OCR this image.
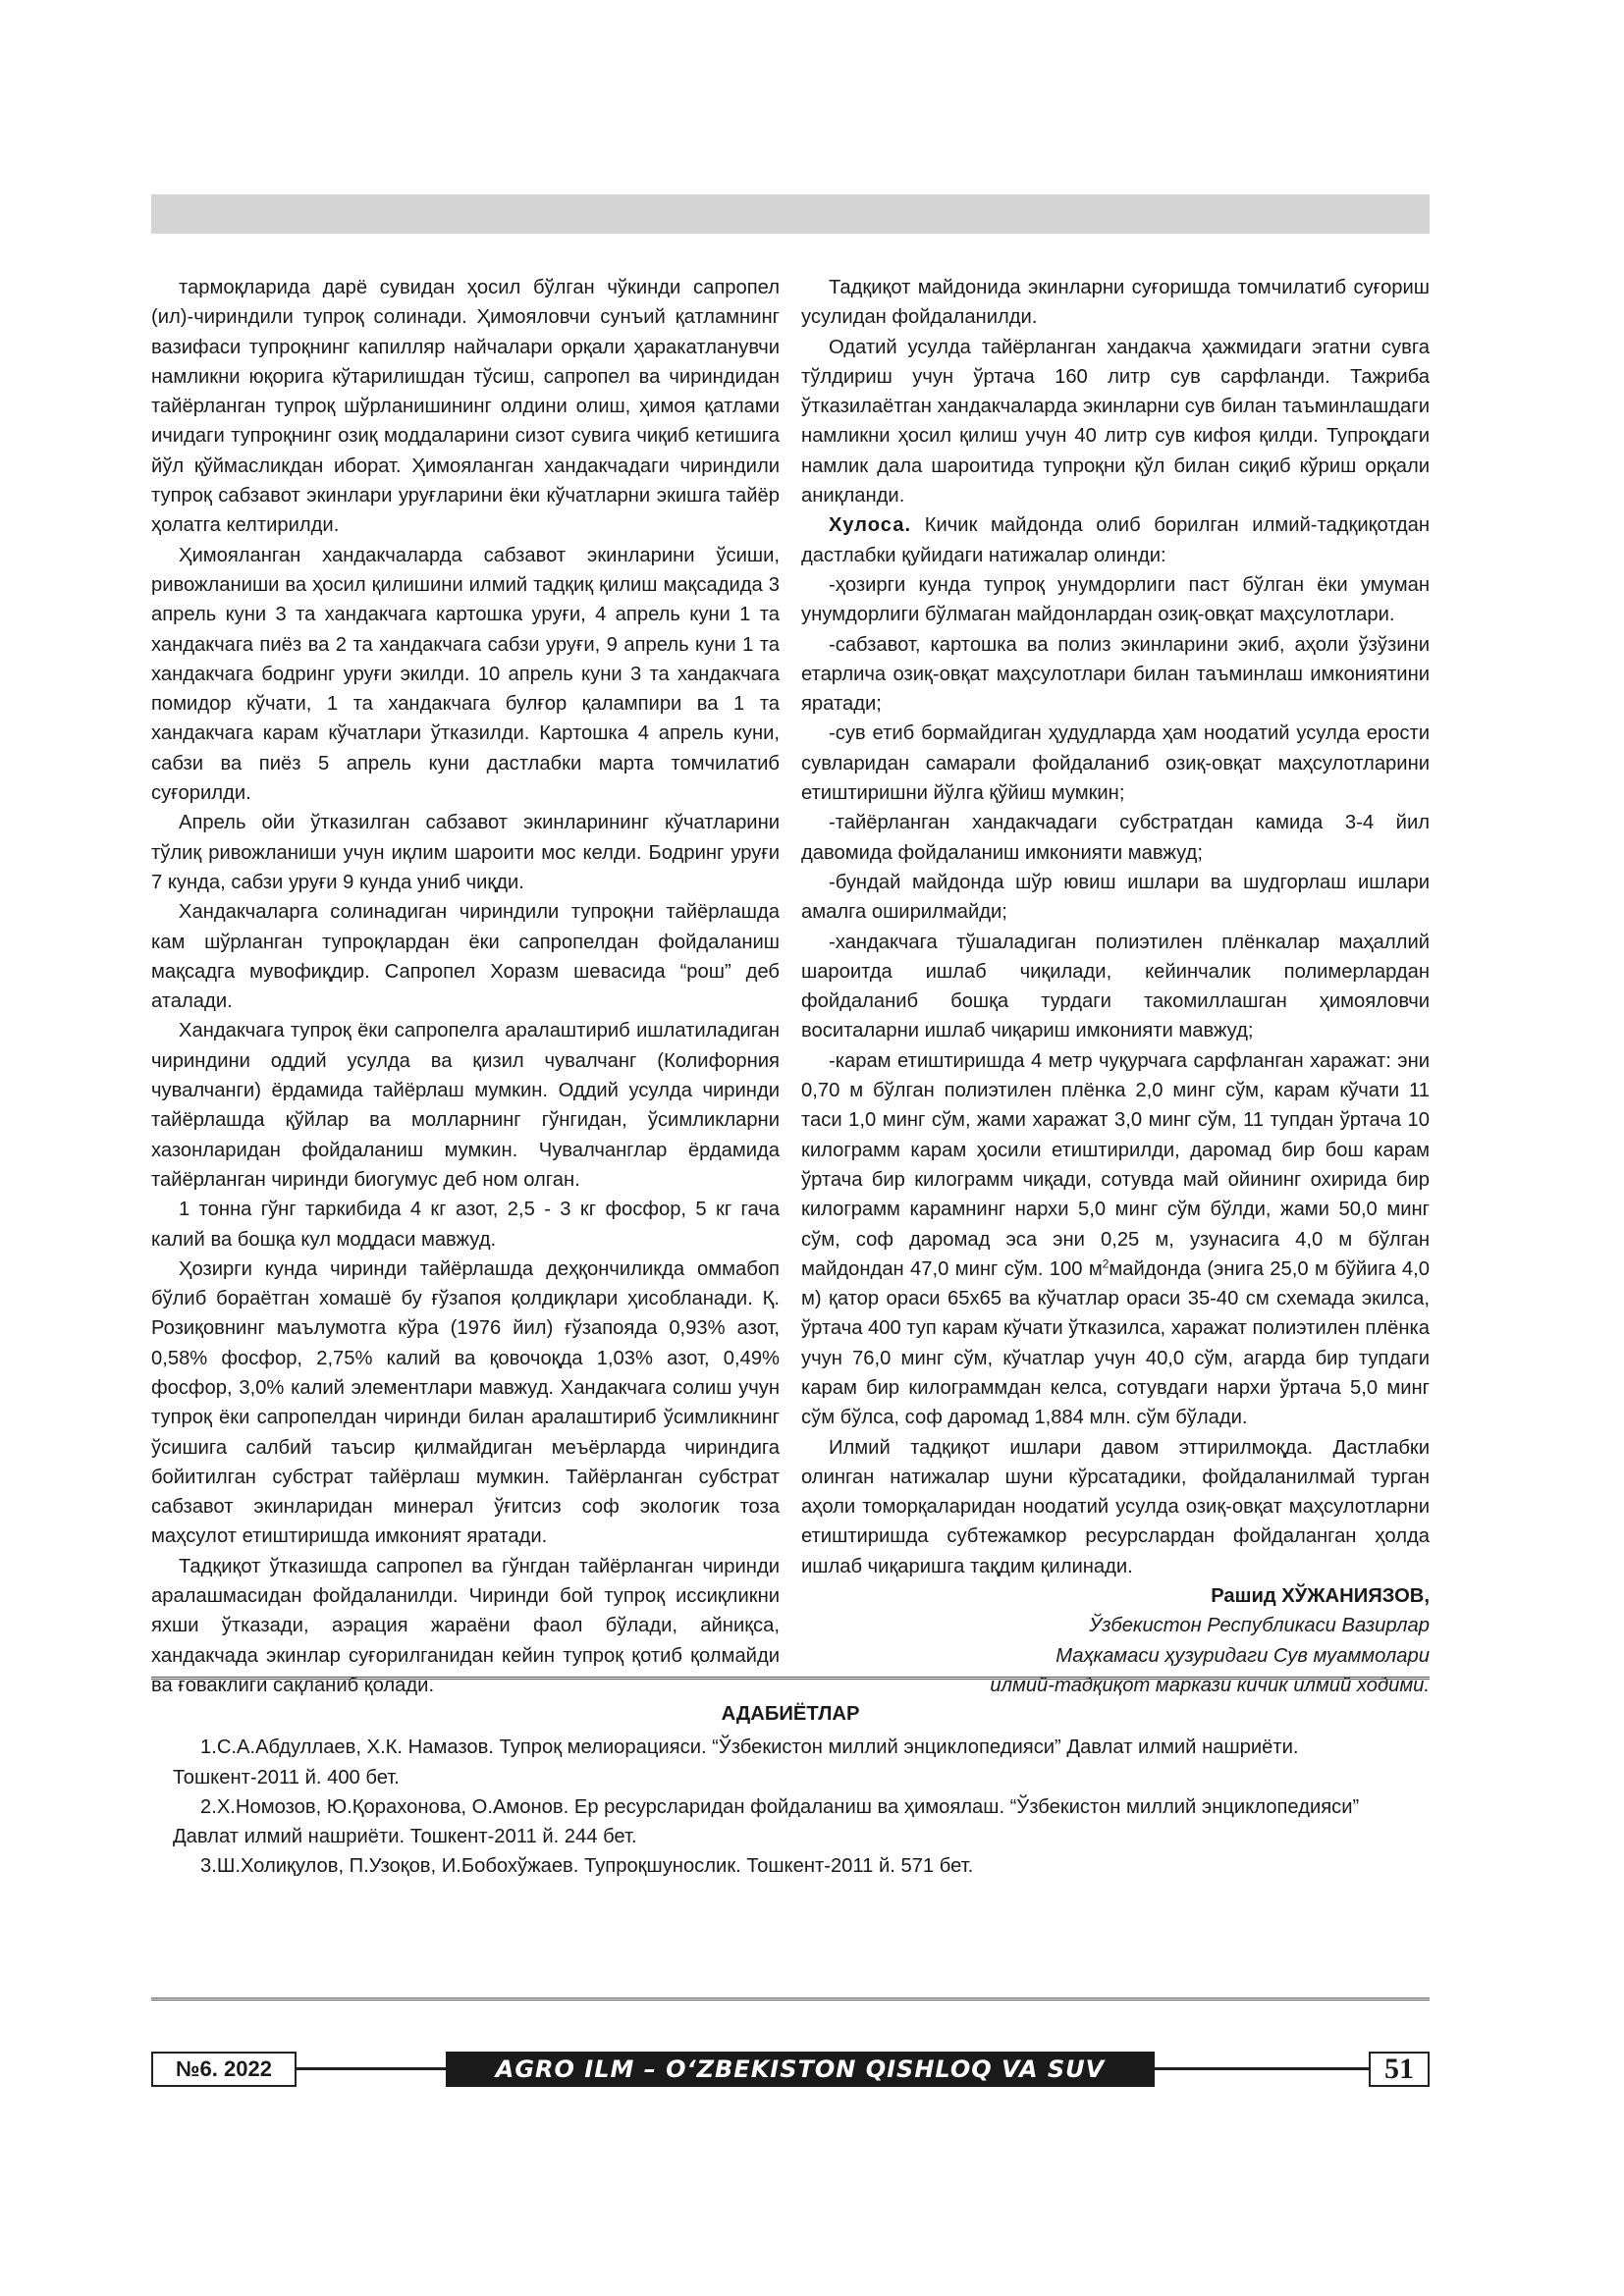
тармоқларида дарё сувидан ҳосил бўлган чўкинди сапропел (ил)-чириндили тупроқ солинади. Ҳимояловчи сунъий қатламнинг вазифаси тупроқнинг капилляр найчалари орқали ҳаракатланувчи намликни юқорига кўтарилишдан тўсиш, сапропел ва чириндидан тайёрланган тупроқ шўрланишининг олдини олиш, ҳимоя қатлами ичидаги тупроқнинг озиқ моддаларини сизот сувига чиқиб кетишига йўл қўймасликдан иборат. Ҳимояланган хандакчадаги чириндили тупроқ сабзавот экинлари уруғларини ёки кўчатларни экишга тайёр ҳолатга келтирилди.

Ҳимояланган хандакчаларда сабзавот экинларини ўсиши, ривожланиши ва ҳосил қилишини илмий тадқиқ қилиш мақсадида 3 апрель куни 3 та хандакчага картошка уруғи, 4 апрель куни 1 та хандакчага пиёз ва 2 та хандакчага сабзи уруғи, 9 апрель куни 1 та хандакчага бодринг уруғи экилди. 10 апрель куни 3 та хандакчага помидор кўчати, 1 та хандакчага булғор қалампири ва 1 та хандакчага карам кўчатлари ўтказилди. Картошка 4 апрель куни, сабзи ва пиёз 5 апрель куни дастлабки марта томчилатиб суғорилди.

Апрель ойи ўтказилган сабзавот экинларининг кўчатларини тўлиқ ривожланиши учун иқлим шароити мос келди. Бодринг уруғи 7 кунда, сабзи уруғи 9 кунда униб чиқди.

Хандакчаларга солинадиган чириндили тупроқни тайёрлашда кам шўрланган тупроқлардан ёки сапропелдан фойдаланиш мақсадга мувофиқдир. Сапропел Хоразм шевасида “рош” деб аталади.

Хандакчага тупроқ ёки сапропелга аралаштириб ишлатиладиган чириндини оддий усулда ва қизил чувалчанг (Колифорния чувалчанги) ёрдамида тайёрлаш мумкин. Оддий усулда чиринди тайёрлашда қўйлар ва молларнинг гўнгидан, ўсимликларни хазонларидан фойдаланиш мумкин. Чувалчанглар ёрдамида тайёрланган чиринди биогумус деб ном олган.

1 тонна гўнг таркибида 4 кг азот, 2,5 - 3 кг фосфор, 5 кг гача калий ва бошқа кул моддаси мавжуд.

Ҳозирги кунда чиринди тайёрлашда деҳқончиликда оммабоп бўлиб бораётган хомашё бу ғўзапоя қолдиқлари ҳисобланади. Қ. Розиқовнинг маълумотга кўра (1976 йил) ғўзапояда 0,93% азот, 0,58% фосфор, 2,75% калий ва қовочоқда 1,03% азот, 0,49% фосфор, 3,0% калий элементлари мавжуд. Хандакчага солиш учун тупроқ ёки сапропелдан чиринди билан аралаштириб ўсимликнинг ўсишига салбий таъсир қилмайдиган меъёрларда чириндига бойитилган субстрат тайёрлаш мумкин. Тайёрланган субстрат сабзавот экинларидан минерал ўғитсиз соф экологик тоза маҳсулот етиштиришда имконият яратади.

Тадқиқот ўтказишда сапропел ва гўнгдан тайёрланган чиринди аралашмасидан фойдаланилди. Чиринди бой тупроқ иссиқликни яхши ўтказади, аэрация жараёни фаол бўлади, айниқса, хандакчада экинлар суғорилганидан кейин тупроқ қотиб қолмайди ва ғоваклиги сақланиб қолади.

Тадқиқот майдонида экинларни суғоришда томчилатиб суғориш усулидан фойдаланилди.

Одатий усулда тайёрланган хандакча ҳажмидаги эгатни сувга тўлдириш учун ўртача 160 литр сув сарфланди. Тажриба ўтказилаётган хандакчаларда экинларни сув билан таъминлашдаги намликни ҳосил қилиш учун 40 литр сув кифоя қилди. Тупроқдаги намлик дала шароитида тупроқни қўл билан сиқиб кўриш орқали аниқланди.

Хулоса. Кичик майдонда олиб борилган илмий-тадқиқотдан дастлабки қуйидаги натижалар олинди:

-ҳозирги кунда тупроқ унумдорлиги паст бўлган ёки умуман унумдорлиги бўлмаган майдонлардан озиқ-овқат маҳсулотлари.

-сабзавот, картошка ва полиз экинларини экиб, аҳоли ўзўзини етарлича озиқ-овқат маҳсулотлари билан таъминлаш имкониятини яратади;

-сув етиб бормайдиган ҳудудларда ҳам ноодатий усулда ероcти сувларидан самарали фойдаланиб озиқ-овқат маҳсулотларини етиштиришни йўлга қўйиш мумкин;

-тайёрланган хандакчадаги субстратдан камида 3-4 йил давомида фойдаланиш имконияти мавжуд;

-бундай майдонда шўр ювиш ишлари ва шудгорлаш ишлари амалга оширилмайди;

-хандакчага тўшаладиган полиэтилен плёнкалар маҳаллий шароитда ишлаб чиқилади, кейинчалик полимерлардан фойдаланиб бошқа турдаги такомиллашган ҳимояловчи воситаларни ишлаб чиқариш имконияти мавжуд;

-карам етиштиришда 4 метр чуқурчага сарфланган харажат: эни 0,70 м бўлган полиэтилен плёнка 2,0 минг сўм, карам кўчати 11 таси 1,0 минг сўм, жами харажат 3,0 минг сўм, 11 тупдан ўртача 10 килограмм карам ҳосили етиштирилди, даромад бир бош карам ўртача бир килограмм чиқади, сотувда май ойининг охирида бир килограмм карамнинг нархи 5,0 минг сўм бўлди, жами 50,0 минг сўм, соф даромад эса эни 0,25 м, узунасига 4,0 м бўлган майдондан 47,0 минг сўм. 100 $м^2майдонда$ (энига 25,0 м бўйига 4,0 м) қатор ораси 65х65 ва кўчатлар ораси 35-40 см схемада экилса, ўртача 400 туп карам кўчати ўтказилса, харажат полиэтилен плёнка учун 76,0 минг сўм, кўчатлар учун 40,0 сўм, агарда бир тупдаги карам бир килограммдан келса, сотувдаги нархи ўртача 5,0 минг сўм бўлса, соф даромад 1,884 млн. сўм бўлади.

Илмий тадқиқот ишлари давом эттирилмоқда. Дастлабки олинган натижалар шуни кўрсатадики, фойдаланилмай турган аҳоли томорқаларидан ноодатий усулда озиқ-овқат маҳсулотларни етиштиришда субтежамкор ресурслардан фойдаланган ҳолда ишлаб чиқаришга тақдим қилинади.

Рашид ХЎЖАНИЯЗОВ,
Ўзбекистон Республикаси Вазирлар
Маҳкамаси ҳузуридаги Сув муаммолари
илмий-тадқиқот маркази кичик илмий ходими.
АДАБИЁТЛАР

1.С.А.Абдуллаев, Х.К. Намазов. Тупроқ мелиорацияси. “Ўзбекистон миллий энциклопедияси” Давлат илмий нашриёти. Тошкент-2011 й. 400 бет.

2.Х.Номозов, Ю.Қорахонова, О.Амонов. Ер ресурсларидан фойдаланиш ва ҳимоялаш. “Ўзбекистон миллий энциклопедияси” Давлат илмий нашриёти. Тошкент-2011 й. 244 бет.

3.Ш.Холиқулов, П.Узоқов, И.Бобохўжаев. Тупроқшунослик. Тошкент-2011 й. 571 бет.

№6. 2022	AGRO ILM – O‘ZBEKISTON QISHLOQ VA SUV XO‘JALIGI
51
